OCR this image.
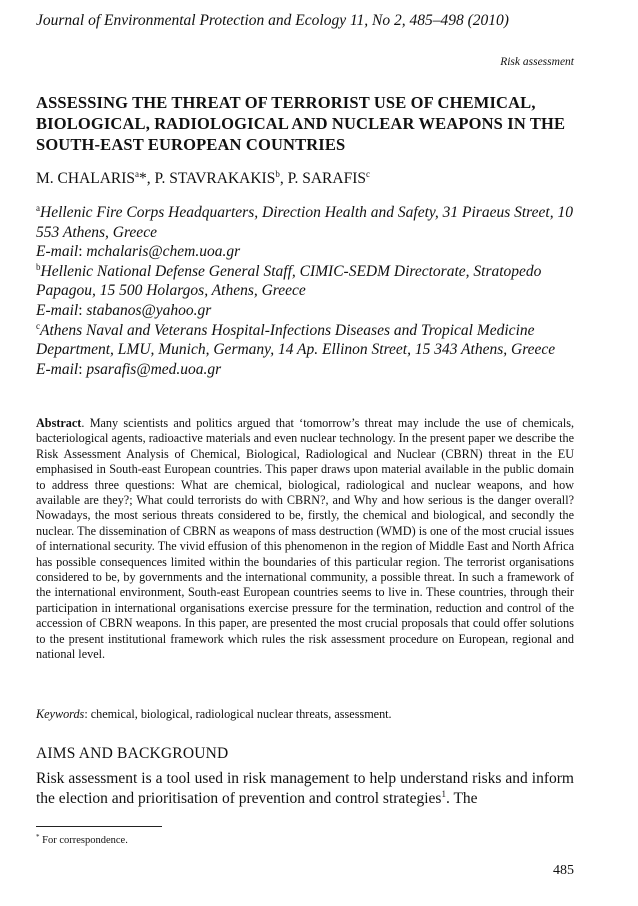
Journal of Environmental Protection and Ecology 11, No 2, 485–498 (2010)
Risk assessment
ASSESSING THE THREAT OF TERRORIST USE OF CHEMICAL, BIOLOGICAL, RADIOLOGICAL AND NUCLEAR WEAPONS IN THE SOUTH-EAST EUROPEAN COUNTRIES
M. CHALARIS$^a$*, P. STAVRAKAKIS$^b$, P. SARAFIS$^c$

$^a$Hellenic Fire Corps Headquarters, Direction Health and Safety, 31 Piraeus Street, 10 553 Athens, Greece

E-mail: mchalaris@chem.uoa.gr

$^b$Hellenic National Defense General Staff, CIMIC-SEDM Directorate, Stratopedo Papagou, 15 500 Holargos, Athens, Greece

E-mail: stabanos@yahoo.gr

$^c$Athens Naval and Veterans Hospital-Infections Diseases and Tropical Medicine Department, LMU, Munich, Germany, 14 Ap. Ellinon Street, 15 343 Athens, Greece

E-mail: psarafis@med.uoa.gr

Abstract. Many scientists and politics argued that ‘tomorrow’s threat may include the use of chemicals, bacteriological agents, radioactive materials and even nuclear technology. In the present paper we describe the Risk Assessment Analysis of Chemical, Biological, Radiological and Nuclear (CBRN) threat in the EU emphasised in South-east European countries. This paper draws upon material available in the public domain to address three questions: What are chemical, biological, radiological and nuclear weapons, and how available are they?; What could terrorists do with CBRN?, and Why and how serious is the danger overall? Nowadays, the most serious threats considered to be, firstly, the chemical and biological, and secondly the nuclear. The dissemination of CBRN as weapons of mass destruction (WMD) is one of the most crucial issues of international security. The vivid effusion of this phenomenon in the region of Middle East and North Africa has possible consequences limited within the boundaries of this particular region. The terrorist organisations considered to be, by governments and the international community, a possible threat. In such a framework of the international environment, South-east European countries seems to live in. These countries, through their participation in international organisations exercise pressure for the termination, reduction and control of the accession of CBRN weapons. In this paper, are presented the most crucial proposals that could offer solutions to the present institutional framework which rules the risk assessment procedure on European, regional and national level.
Keywords: chemical, biological, radiological nuclear threats, assessment.
AIMS AND BACKGROUND
Risk assessment is a tool used in risk management to help understand risks and inform the election and prioritisation of prevention and control strategies$^1$. The
* For correspondence.
485
